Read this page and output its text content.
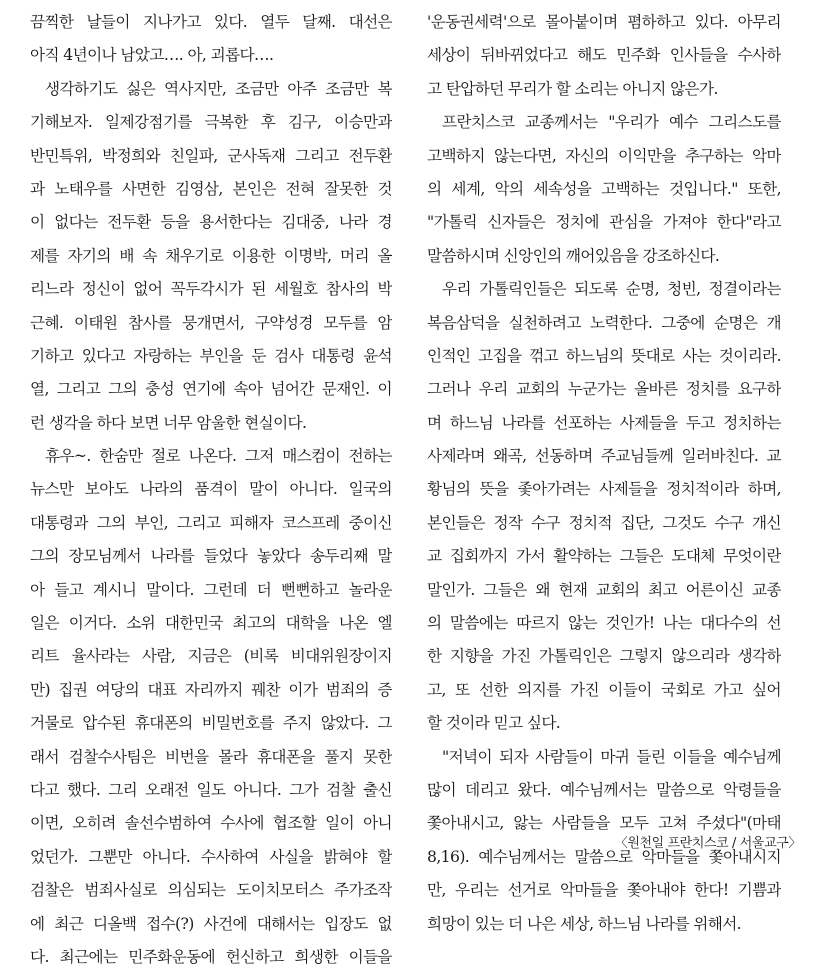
끔찍한 날들이 지나가고 있다. 열두 달째. 대선은
아직 4년이나 남았고…. 아, 괴롭다….
생각하기도 싫은 역사지만, 조금만 아주 조금만 복
기해보자. 일제강점기를 극복한 후 김구, 이승만과
반민특위, 박정희와 친일파, 군사독재 그리고 전두환
과 노태우를 사면한 김영삼, 본인은 전혀 잘못한 것
이 없다는 전두환 등을 용서한다는 김대중, 나라 경
제를 자기의 배 속 채우기로 이용한 이명박, 머리 올
리느라 정신이 없어 꼭두각시가 된 세월호 참사의 박
근혜. 이태원 참사를 뭉개면서, 구약성경 모두를 암
기하고 있다고 자랑하는 부인을 둔 검사 대통령 윤석
열, 그리고 그의 충성 연기에 속아 넘어간 문재인. 이
런 생각을 하다 보면 너무 암울한 현실이다.
휴우~. 한숨만 절로 나온다. 그저 매스컴이 전하는
뉴스만 보아도 나라의 품격이 말이 아니다. 일국의
대통령과 그의 부인, 그리고 피해자 코스프레 중이신
그의 장모님께서 나라를 들었다 놓았다 송두리째 말
아 들고 계시니 말이다. 그런데 더 뻔뻔하고 놀라운
일은 이거다. 소위 대한민국 최고의 대학을 나온 엘
리트 율사라는 사람, 지금은 (비록 비대위원장이지
만) 집권 여당의 대표 자리까지 꿰찬 이가 범죄의 증
거물로 압수된 휴대폰의 비밀번호를 주지 않았다. 그
래서 검찰수사팀은 비번을 몰라 휴대폰을 풀지 못한
다고 했다. 그리 오래전 일도 아니다. 그가 검찰 출신
이면, 오히려 솔선수범하여 수사에 협조할 일이 아니
었던가. 그뿐만 아니다. 수사하여 사실을 밝혀야 할
검찰은 범죄사실로 의심되는 도이치모터스 주가조작
에 최근 디올백 접수(?) 사건에 대해서는 입장도 없
다. 최근에는 민주화운동에 헌신하고 희생한 이들을
'운동권세력'으로 몰아붙이며 폄하하고 있다. 아무리
세상이 뒤바뀌었다고 해도 민주화 인사들을 수사하
고 탄압하던 무리가 할 소리는 아니지 않은가.
프란치스코 교종께서는 "우리가 예수 그리스도를
고백하지 않는다면, 자신의 이익만을 추구하는 악마
의 세계, 악의 세속성을 고백하는 것입니다." 또한,
"가톨릭 신자들은 정치에 관심을 가져야 한다"라고
말씀하시며 신앙인의 깨어있음을 강조하신다.
우리 가톨릭인들은 되도록 순명, 청빈, 정결이라는
복음삼덕을 실천하려고 노력한다. 그중에 순명은 개
인적인 고집을 꺾고 하느님의 뜻대로 사는 것이리라.
그러나 우리 교회의 누군가는 올바른 정치를 요구하
며 하느님 나라를 선포하는 사제들을 두고 정치하는
사제라며 왜곡, 선동하며 주교님들께 일러바친다. 교
황님의 뜻을 좇아가려는 사제들을 정치적이라 하며,
본인들은 정작 수구 정치적 집단, 그것도 수구 개신
교 집회까지 가서 활약하는 그들은 도대체 무엇이란
말인가. 그들은 왜 현재 교회의 최고 어른이신 교종
의 말씀에는 따르지 않는 것인가! 나는 대다수의 선
한 지향을 가진 가톨릭인은 그렇지 않으리라 생각하
고, 또 선한 의지를 가진 이들이 국회로 가고 싶어
할 것이라 믿고 싶다.
"저녁이 되자 사람들이 마귀 들린 이들을 예수님께
많이 데리고 왔다. 예수님께서는 말씀으로 악령들을
쫓아내시고, 앓는 사람들을 모두 고쳐 주셨다"(마태
8,16). 예수님께서는 말씀으로 악마들을 쫓아내시지
만, 우리는 선거로 악마들을 쫓아내야 한다! 기쁨과
희망이 있는 더 나은 세상, 하느님 나라를 위해서.
〈원천일 프란치스코 / 서울교구〉
